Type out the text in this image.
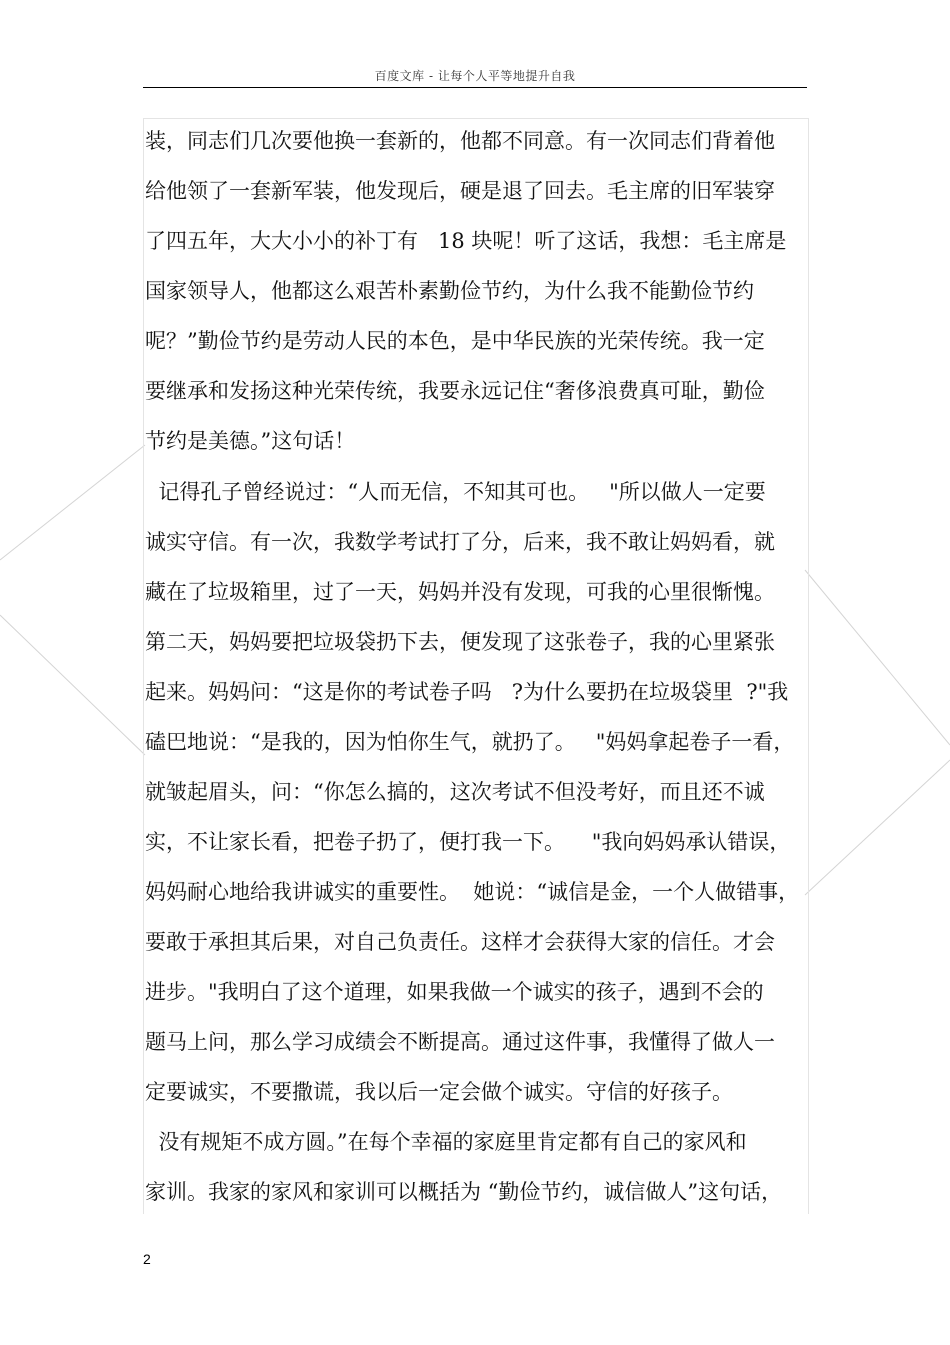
百度文库 - 让每个人平等地提升自我
装，同志们几次要他换一套新的，他都不同意。有一次同志们背着他
给他领了一套新军装，他发现后，硬是退了回去。毛主席的旧军装穿
了四五年，大大小小的补丁有   18 块呢！听了这话，我想：毛主席是
国家领导人，他都这么艰苦朴素勤俭节约，为什么我不能勤俭节约
呢？”勤俭节约是劳动人民的本色，是中华民族的光荣传统。我一定
要继承和发扬这种光荣传统，我要永远记住“奢侈浪费真可耻，勤俭
节约是美德。”这句话！
记得孔子曾经说过：“人而无信，不知其可也。   "所以做人一定要
诚实守信。有一次，我数学考试打了分，后来，我不敢让妈妈看，就
藏在了垃圾箱里，过了一天，妈妈并没有发现，可我的心里很惭愧。
第二天，妈妈要把垃圾袋扔下去，便发现了这张卷子，我的心里紧张
起来。妈妈问：“这是你的考试卷子吗   ?为什么要扔在垃圾袋里  ?"我
磕巴地说：“是我的，因为怕你生气，就扔了。   "妈妈拿起卷子一看，
就皱起眉头，问：“你怎么搞的，这次考试不但没考好，而且还不诚
实，不让家长看，把卷子扔了，便打我一下。    "我向妈妈承认错误，
妈妈耐心地给我讲诚实的重要性。  她说：“诚信是金，一个人做错事，
要敢于承担其后果，对自己负责任。这样才会获得大家的信任。才会
进步。"我明白了这个道理，如果我做一个诚实的孩子，遇到不会的
题马上问，那么学习成绩会不断提高。通过这件事，我懂得了做人一
定要诚实，不要撒谎，我以后一定会做个诚实。守信的好孩子。
没有规矩不成方圆。”在每个幸福的家庭里肯定都有自己的家风和
家训。我家的家风和家训可以概括为 “勤俭节约，诚信做人”这句话，
2
